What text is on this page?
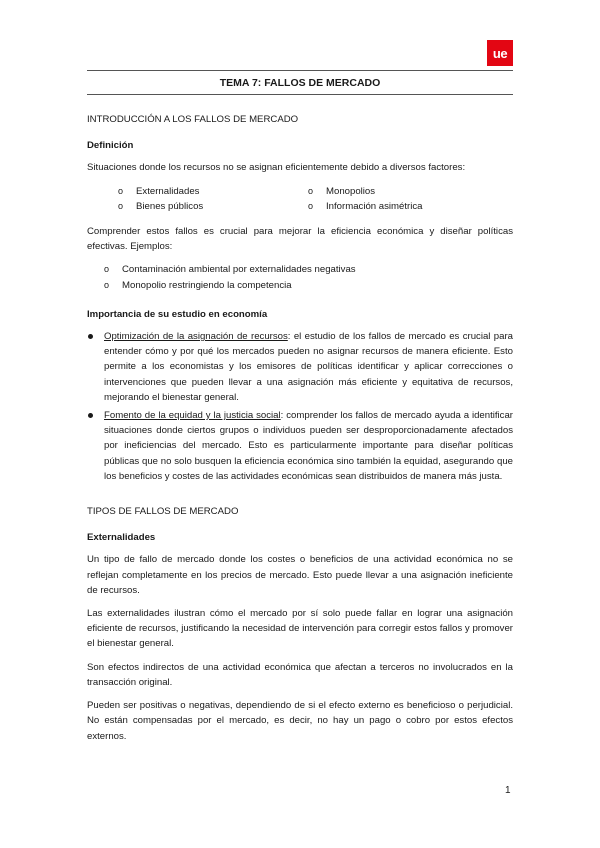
ue
TEMA 7: FALLOS DE MERCADO
INTRODUCCIÓN A LOS FALLOS DE MERCADO
Definición

Situaciones donde los recursos no se asignan eficientemente debido a diversos factores:

o Externalidades	o Monopolios
o Bienes públicos	o Información asimétrica

Comprender estos fallos es crucial para mejorar la eficiencia económica y diseñar políticas efectivas. Ejemplos:

o Contaminación ambiental por externalidades negativas
o Monopolio restringiendo la competencia
Importancia de su estudio en economía
Optimización de la asignación de recursos: el estudio de los fallos de mercado es crucial para entender cómo y por qué los mercados pueden no asignar recursos de manera eficiente. Esto permite a los economistas y los emisores de políticas identificar y aplicar correcciones o intervenciones que pueden llevar a una asignación más eficiente y equitativa de recursos, mejorando el bienestar general.
Fomento de la equidad y la justicia social: comprender los fallos de mercado ayuda a identificar situaciones donde ciertos grupos o individuos pueden ser desproporcionadamente afectados por ineficiencias del mercado. Esto es particularmente importante para diseñar políticas públicas que no solo busquen la eficiencia económica sino también la equidad, asegurando que los beneficios y costes de las actividades económicas sean distribuidos de manera más justa.
TIPOS DE FALLOS DE MERCADO
Externalidades

Un tipo de fallo de mercado donde los costes o beneficios de una actividad económica no se reflejan completamente en los precios de mercado. Esto puede llevar a una asignación ineficiente de recursos.

Las externalidades ilustran cómo el mercado por sí solo puede fallar en lograr una asignación eficiente de recursos, justificando la necesidad de intervención para corregir estos fallos y promover el bienestar general.

Son efectos indirectos de una actividad económica que afectan a terceros no involucrados en la transacción original.

Pueden ser positivas o negativas, dependiendo de si el efecto externo es beneficioso o perjudicial. No están compensadas por el mercado, es decir, no hay un pago o cobro por estos efectos externos.

1
